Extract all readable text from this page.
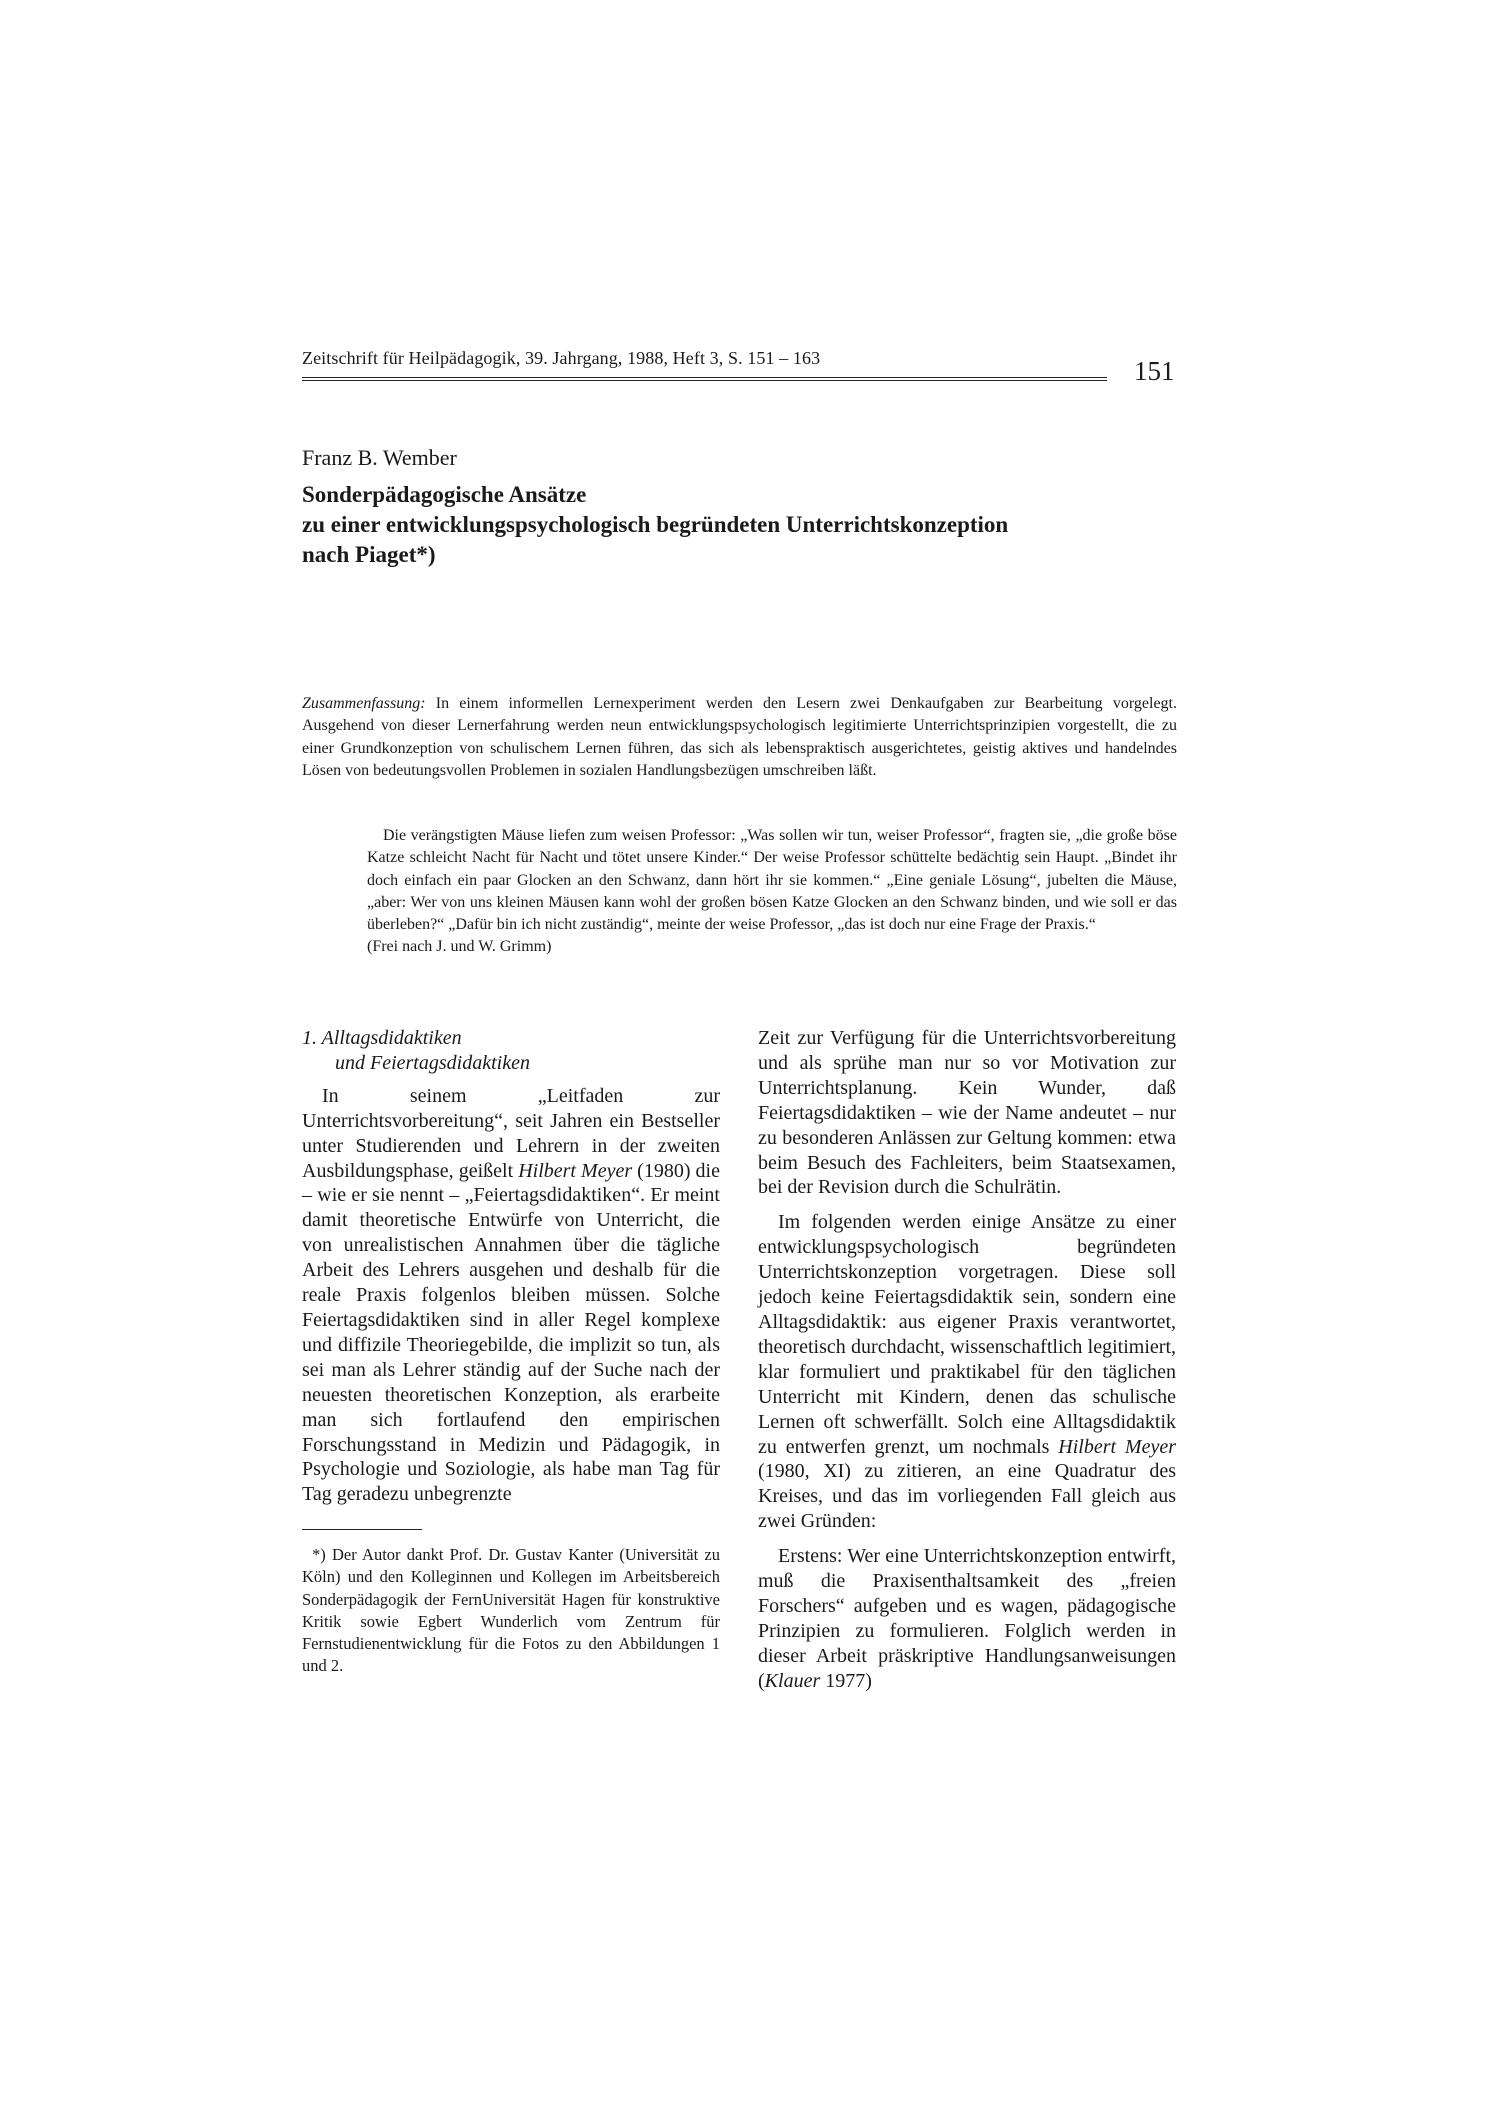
Zeitschrift für Heilpädagogik, 39. Jahrgang, 1988, Heft 3, S. 151 – 163	151
Franz B. Wember
Sonderpädagogische Ansätze
zu einer entwicklungspsychologisch begründeten Unterrichtskonzeption
nach Piaget*)

Zusammenfassung: In einem informellen Lernexperiment werden den Lesern zwei Denkaufgaben zur Bearbeitung vorgelegt. Ausgehend von dieser Lernerfahrung werden neun entwicklungspsychologisch legitimierte Unterrichtsprinzipien vorgestellt, die zu einer Grundkonzeption von schulischem Lernen führen, das sich als lebenspraktisch ausgerichtetes, geistig aktives und handelndes Lösen von bedeutungsvollen Problemen in sozialen Handlungsbezügen umschreiben läßt.

Die verängstigten Mäuse liefen zum weisen Professor: „Was sollen wir tun, weiser Professor“, fragten sie, „die große böse Katze schleicht Nacht für Nacht und tötet unsere Kinder.“ Der weise Professor schüttelte bedächtig sein Haupt. „Bindet ihr doch einfach ein paar Glocken an den Schwanz, dann hört ihr sie kommen.“ „Eine geniale Lösung“, jubelten die Mäuse, „aber: Wer von uns kleinen Mäusen kann wohl der großen bösen Katze Glocken an den Schwanz binden, und wie soll er das überleben?“ „Dafür bin ich nicht zuständig“, meinte der weise Professor, „das ist doch nur eine Frage der Praxis.“

(Frei nach J. und W. Grimm)

1. Alltagsdidaktiken
und Feiertagsdidaktiken

In seinem „Leitfaden zur Unterrichtsvorbereitung“, seit Jahren ein Bestseller unter Studierenden und Lehrern in der zweiten Ausbildungsphase, geißelt Hilbert Meyer (1980) die – wie er sie nennt – „Feiertagsdidaktiken“. Er meint damit theoretische Entwürfe von Unterricht, die von unrealistischen Annahmen über die tägliche Arbeit des Lehrers ausgehen und deshalb für die reale Praxis folgenlos bleiben müssen. Solche Feiertagsdidaktiken sind in aller Regel komplexe und diffizile Theoriegebilde, die implizit so tun, als sei man als Lehrer ständig auf der Suche nach der neuesten theoretischen Konzeption, als erarbeite man sich fortlaufend den empirischen Forschungsstand in Medizin und Pädagogik, in Psychologie und Soziologie, als habe man Tag für Tag geradezu unbegrenzte

*) Der Autor dankt Prof. Dr. Gustav Kanter (Universität zu Köln) und den Kolleginnen und Kollegen im Arbeitsbereich Sonderpädagogik der FernUniversität Hagen für konstruktive Kritik sowie Egbert Wunderlich vom Zentrum für Fernstudienentwicklung für die Fotos zu den Abbildungen 1 und 2.

Zeit zur Verfügung für die Unterrichtsvorbereitung und als sprühe man nur so vor Motivation zur Unterrichtsplanung. Kein Wunder, daß Feiertagsdidaktiken – wie der Name andeutet – nur zu besonderen Anlässen zur Geltung kommen: etwa beim Besuch des Fachleiters, beim Staatsexamen, bei der Revision durch die Schulrätin.

Im folgenden werden einige Ansätze zu einer entwicklungspsychologisch begründeten Unterrichtskonzeption vorgetragen. Diese soll jedoch keine Feiertagsdidaktik sein, sondern eine Alltagsdidaktik: aus eigener Praxis verantwortet, theoretisch durchdacht, wissenschaftlich legitimiert, klar formuliert und praktikabel für den täglichen Unterricht mit Kindern, denen das schulische Lernen oft schwerfällt. Solch eine Alltagsdidaktik zu entwerfen grenzt, um nochmals Hilbert Meyer (1980, XI) zu zitieren, an eine Quadratur des Kreises, und das im vorliegenden Fall gleich aus zwei Gründen:

Erstens: Wer eine Unterrichtskonzeption entwirft, muß die Praxisenthaltsamkeit des „freien Forschers“ aufgeben und es wagen, pädagogische Prinzipien zu formulieren. Folglich werden in dieser Arbeit präskriptive Handlungsanweisungen (Klauer 1977)
